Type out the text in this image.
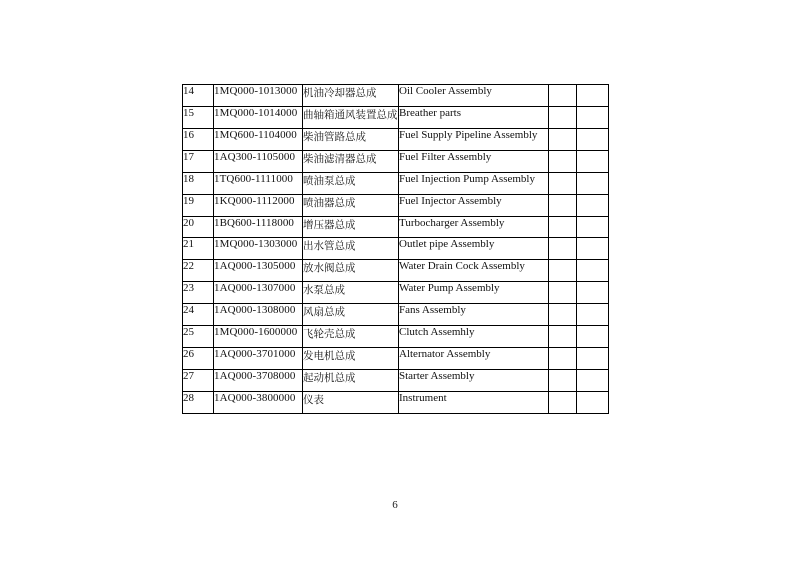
14	1MQ000-1013000	机油冷却器总成	Oil Cooler Assembly		
15	1MQ000-1014000	曲轴箱通风装置总成	Breather parts		
16	1MQ600-1104000	柴油管路总成	Fuel Supply Pipeline Assembly		
17	1AQ300-1105000	柴油滤清器总成	Fuel Filter Assembly		
18	1TQ600-1111000	喷油泵总成	Fuel Injection Pump Assembly		
19	1KQ000-1112000	喷油器总成	Fuel Injector Assembly		
20	1BQ600-1118000	增压器总成	Turbocharger Assembly		
21	1MQ000-1303000	出水管总成	Outlet pipe Assembly		
22	1AQ000-1305000	放水阀总成	Water Drain Cock Assembly		
23	1AQ000-1307000	水泵总成	Water Pump Assembly		
24	1AQ000-1308000	风扇总成	Fans Assembly		
25	1MQ000-1600000	飞轮壳总成	Clutch Assemhly		
26	1AQ000-3701000	发电机总成	Alternator Assembly		
27	1AQ000-3708000	起动机总成	Starter Assembly		
28	1AQ000-3800000	仪表	Instrument		
6
